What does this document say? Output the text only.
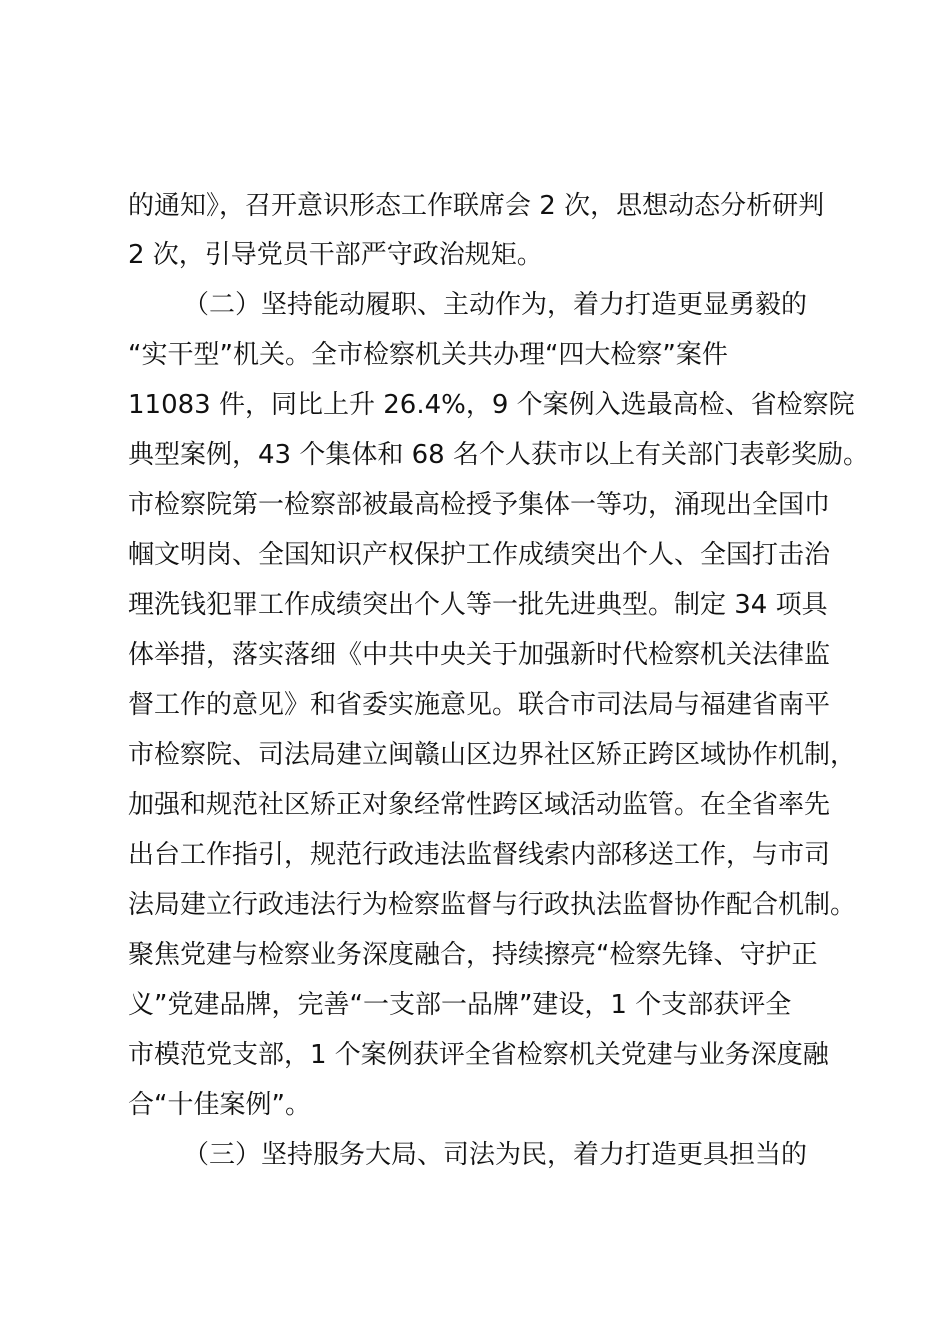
的通知》，召开意识形态工作联席会 2 次，思想动态分析研判
2 次，引导党员干部严守政治规矩。
（二）坚持能动履职、主动作为，着力打造更显勇毅的
“实干型”机关。全市检察机关共办理“四大检察”案件
11083 件，同比上升 26.4%，9 个案例入选最高检、省检察院
典型案例，43 个集体和 68 名个人获市以上有关部门表彰奖励。
市检察院第一检察部被最高检授予集体一等功，涌现出全国巾
帼文明岗、全国知识产权保护工作成绩突出个人、全国打击治
理洗钱犯罪工作成绩突出个人等一批先进典型。制定 34 项具
体举措，落实落细《中共中央关于加强新时代检察机关法律监
督工作的意见》和省委实施意见。联合市司法局与福建省南平
市检察院、司法局建立闽赣山区边界社区矫正跨区域协作机制，
加强和规范社区矫正对象经常性跨区域活动监管。在全省率先
出台工作指引，规范行政违法监督线索内部移送工作，与市司
法局建立行政违法行为检察监督与行政执法监督协作配合机制。
聚焦党建与检察业务深度融合，持续擦亮“检察先锋、守护正
义”党建品牌，完善“一支部一品牌”建设，1 个支部获评全
市模范党支部，1 个案例获评全省检察机关党建与业务深度融
合“十佳案例”。
（三）坚持服务大局、司法为民，着力打造更具担当的
